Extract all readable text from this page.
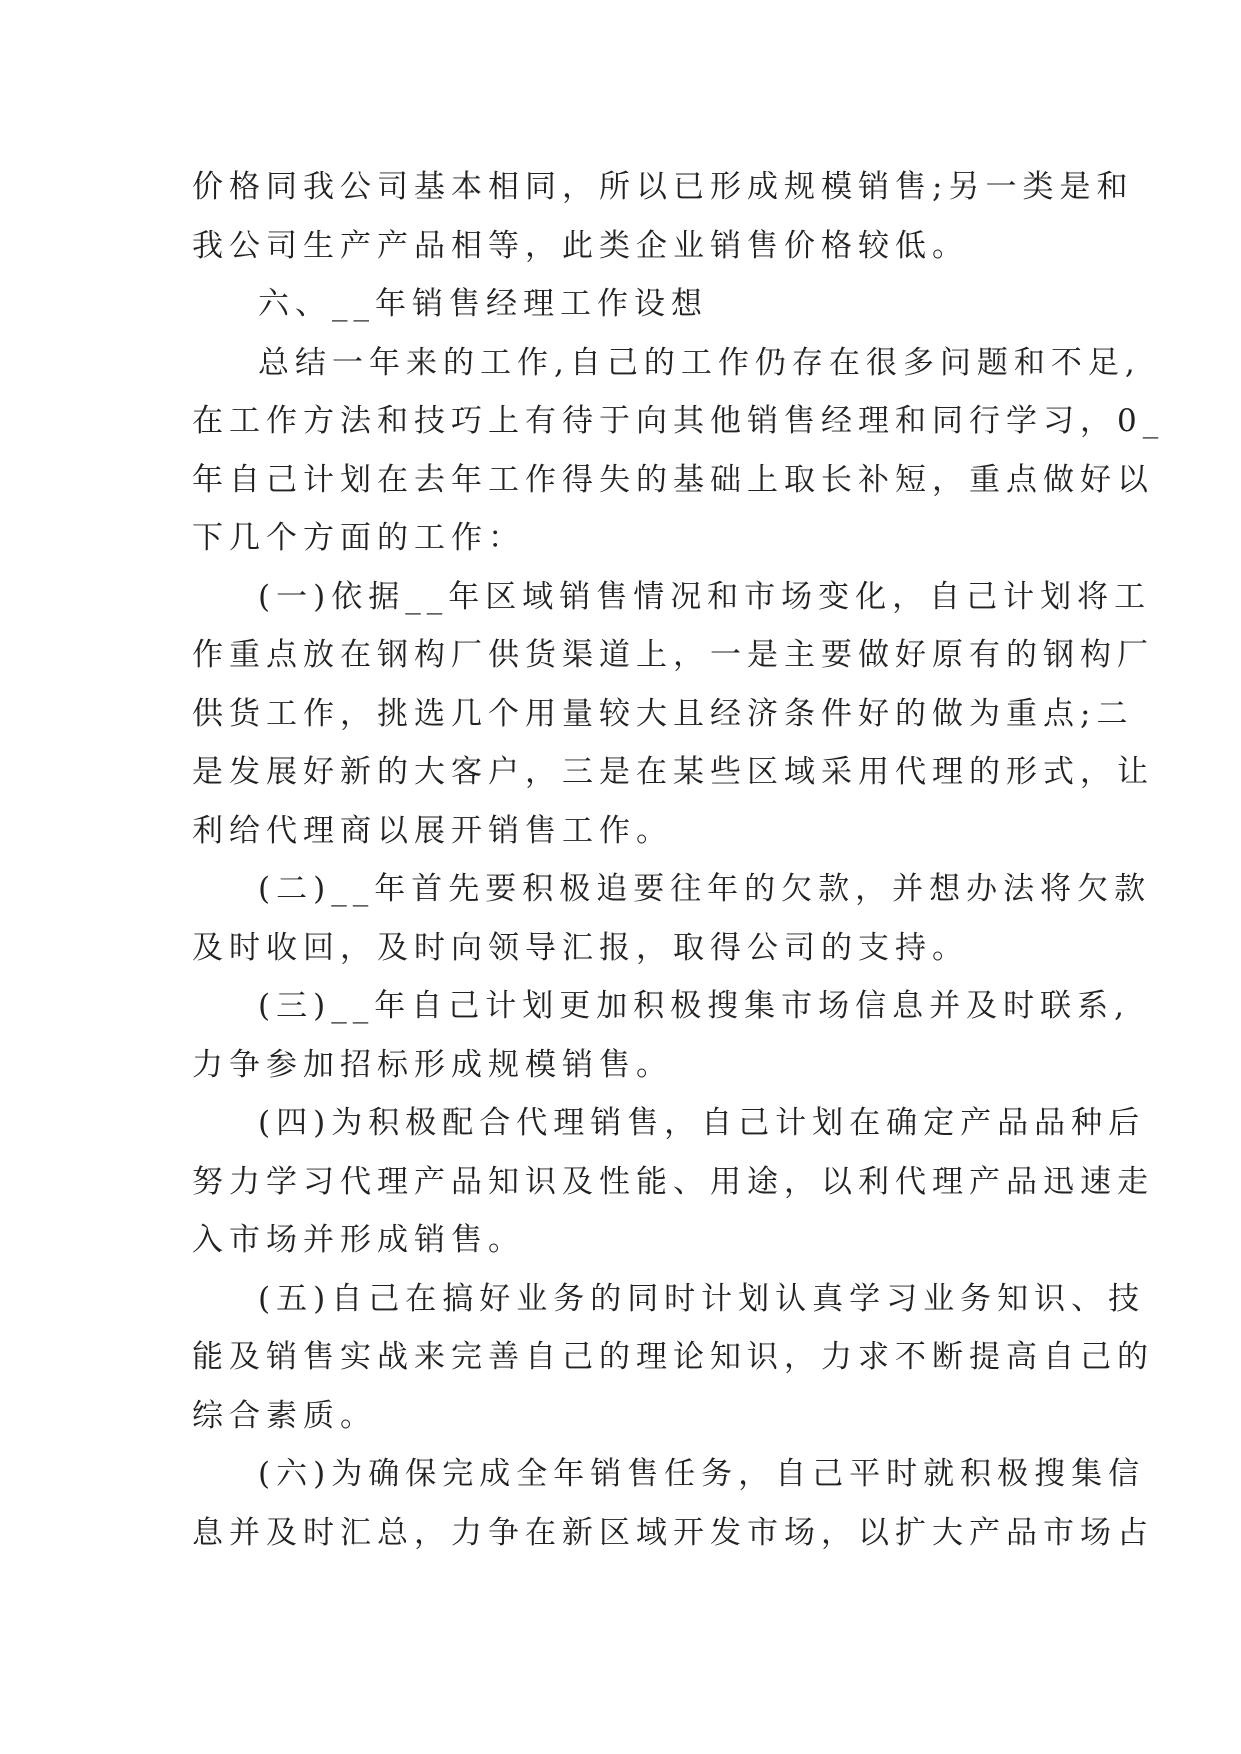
价格同我公司基本相同，所以已形成规模销售;另一类是和
我公司生产产品相等，此类企业销售价格较低。
六、__年销售经理工作设想
总结一年来的工作,自己的工作仍存在很多问题和不足,
在工作方法和技巧上有待于向其他销售经理和同行学习，0_
年自己计划在去年工作得失的基础上取长补短，重点做好以
下几个方面的工作：
(一)依据__年区域销售情况和市场变化，自己计划将工
作重点放在钢构厂供货渠道上，一是主要做好原有的钢构厂
供货工作，挑选几个用量较大且经济条件好的做为重点;二
是发展好新的大客户，三是在某些区域采用代理的形式，让
利给代理商以展开销售工作。
(二)__年首先要积极追要往年的欠款，并想办法将欠款
及时收回，及时向领导汇报，取得公司的支持。
(三)__年自己计划更加积极搜集市场信息并及时联系,
力争参加招标形成规模销售。
(四)为积极配合代理销售，自己计划在确定产品品种后
努力学习代理产品知识及性能、用途，以利代理产品迅速走
入市场并形成销售。
(五)自己在搞好业务的同时计划认真学习业务知识、技
能及销售实战来完善自己的理论知识，力求不断提高自己的
综合素质。
(六)为确保完成全年销售任务，自己平时就积极搜集信
息并及时汇总，力争在新区域开发市场，以扩大产品市场占
